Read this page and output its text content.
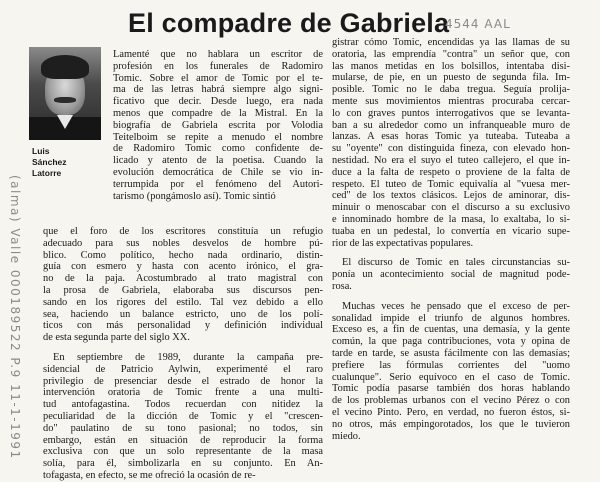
El compadre de Gabriela
4544 AAL
Luis
Sánchez
Latorre
(alma) Valle 000189522 P.9 11-1-1991

Lamenté que no hablara un escritor de

profesión en los funerales de Radomiro

Tomic. Sobre el amor de Tomic por el te-

ma de las letras habrá siempre algo signi-

ficativo que decir. Desde luego, era nada

menos que compadre de la Mistral. En la

biografía de Gabriela escrita por Volodia

Teitelboim se repite a menudo el nombre

de Radomiro Tomic como confidente de-

licado y atento de la poetisa. Cuando la

evolución democrática de Chile se vio in-

terrumpida por el fenómeno del Autori-

tarismo (pongámoslo así). Tomic sintió

que el foro de los escritores constituía un refugio

adecuado para sus nobles desvelos de hombre pú-

blico. Como político, hecho nada ordinario, distin-

guía con esmero y hasta con acento irónico, el gra-

no de la paja. Acostumbrado al trato magistral con

la prosa de Gabriela, elaboraba sus discursos pen-

sando en los rigores del estilo. Tal vez debido a ello

sea, haciendo un balance estricto, uno de los polí-

ticos con más personalidad y definición individual

de esta segunda parte del siglo XX.

En septiembre de 1989, durante la campaña pre-

sidencial de Patricio Aylwin, experimenté el raro

privilegio de presenciar desde el estrado de honor la

intervención oratoria de Tomic frente a una multi-

tud antofagastina. Todos recuerdan con nitidez la

peculiaridad de la dicción de Tomic y el "crescen-

do" paulatino de su tono pasional; no todos, sin

embargo, están en situación de reproducir la forma

exclusiva con que un solo representante de la masa

solía, para él, simbolizarla en su conjunto. En An-

tofagasta, en efecto, se me ofreció la ocasión de re-

gistrar cómo Tomic, encendidas ya las llamas de su

oratoria, las emprendía "contra" un señor que, con

las manos metidas en los bolsillos, intentaba disi-

mularse, de pie, en un puesto de segunda fila. Im-

posible. Tomic no le daba tregua. Seguía prolija-

mente sus movimientos mientras procuraba cercar-

lo con graves puntos interrogativos que se levanta-

ban a su alrededor como un infranqueable muro de

lanzas. A esas horas Tomic ya tuteaba. Tuteaba a

su "oyente" con distinguida fineza, con elevado hon-

nestidad. No era el suyo el tuteo callejero, el que in-

duce a la falta de respeto o proviene de la falta de

respeto. El tuteo de Tomic equivalía al "vuesa mer-

ced" de los textos clásicos. Lejos de aminorar, dis-

minuir o menoscabar con el discurso a su exclusivo

e innominado hombre de la masa, lo exaltaba, lo si-

tuaba en un pedestal, lo convertía en vicario supe-

rior de las expectativas populares.

El discurso de Tomic en tales circunstancias su-

ponía un acontecimiento social de magnitud pode-

rosa.

Muchas veces he pensado que el exceso de per-

sonalidad impide el triunfo de algunos hombres.

Exceso es, a fin de cuentas, una demasía, y la gente

común, la que paga contribuciones, vota y opina de

tarde en tarde, se asusta fácilmente con las demasías;

prefiere las fórmulas corrientes del "uomo

cualunque". Serio equívoco en el caso de Tomic.

Tomic podía pasarse también dos horas hablando

de los problemas urbanos con el vecino Pérez o con

el vecino Pinto. Pero, en verdad, no fueron éstos, si-

no otros, más empingorotados, los que le tuvieron

miedo.
